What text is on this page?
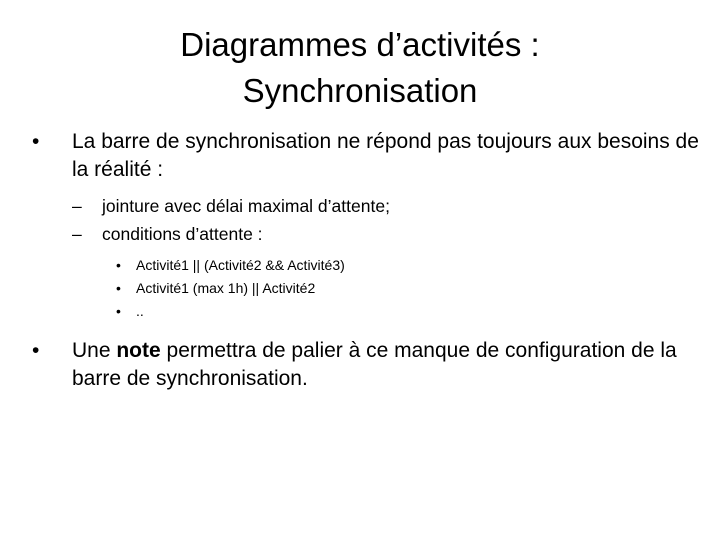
Diagrammes d’activités :
Synchronisation
• La barre de synchronisation ne répond pas toujours aux besoins de la réalité :
– jointure avec délai maximal d’attente;
– conditions d’attente :
• Activité1 || (Activité2 && Activité3)
• Activité1 (max 1h) || Activité2
• ..
• Une note permettra de palier à ce manque de configuration de la barre de synchronisation.
